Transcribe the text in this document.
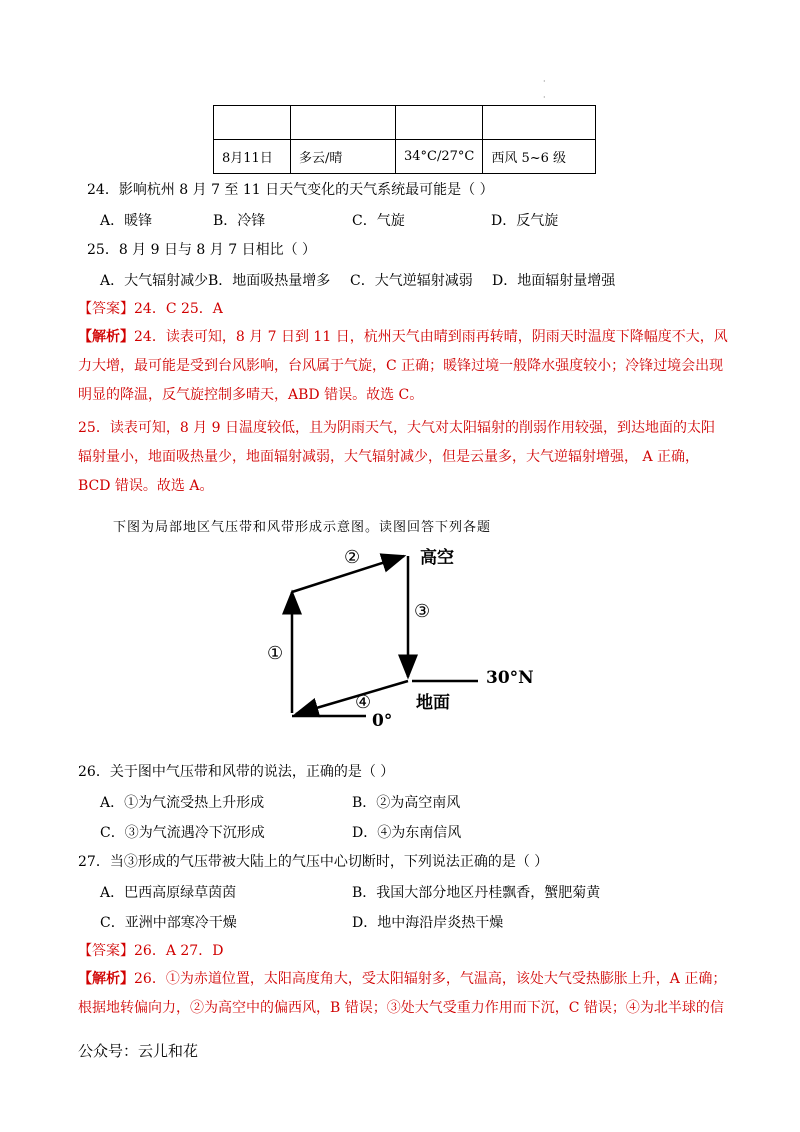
·

·

8月11日	多云/晴	34°C/27°C	西风 5~6 级
24．影响杭州 8 月 7 至 11 日天气变化的天气系统最可能是（ ）
A．暖锋	B．冷锋	C．气旋	D．反气旋
25．8 月 9 日与 8 月 7 日相比（ ）
A．大气辐射减少 B．地面吸热量增多 C．大气逆辐射减弱 D．地面辐射量增强
【答案】24．C 25．A
【解析】24．读表可知，8 月 7 日到 11 日，杭州天气由晴到雨再转晴，阴雨天时温度下降幅度不大，风力大增，最可能是受到台风影响，台风属于气旋，C 正确；暖锋过境一般降水强度较小；冷锋过境会出现明显的降温，反气旋控制多晴天，ABD 错误。故选 C。
25．读表可知，8 月 9 日温度较低，且为阴雨天气，大气对太阳辐射的削弱作用较强，到达地面的太阳辐射量小，地面吸热量少，地面辐射减弱，大气辐射减少，但是云量多，大气逆辐射增强， A 正确，BCD 错误。故选 A。
下图为局部地区气压带和风带形成示意图。读图回答下列各题
高空
地面
30°N
0°
①
②
③
④
26．关于图中气压带和风带的说法，正确的是（ ）
A．①为气流受热上升形成	B．②为高空南风
C．③为气流遇冷下沉形成	D．④为东南信风
27．当③形成的气压带被大陆上的气压中心切断时，下列说法正确的是（ ）
A．巴西高原绿草茵茵	B．我国大部分地区丹桂飘香，蟹肥菊黄
C．亚洲中部寒冷干燥	D．地中海沿岸炎热干燥
【答案】26．A 27．D
【解析】26．①为赤道位置，太阳高度角大，受太阳辐射多，气温高，该处大气受热膨胀上升，A 正确；根据地转偏向力，②为高空中的偏西风，B 错误；③处大气受重力作用而下沉，C 错误；④为北半球的信
公众号：云儿和花
